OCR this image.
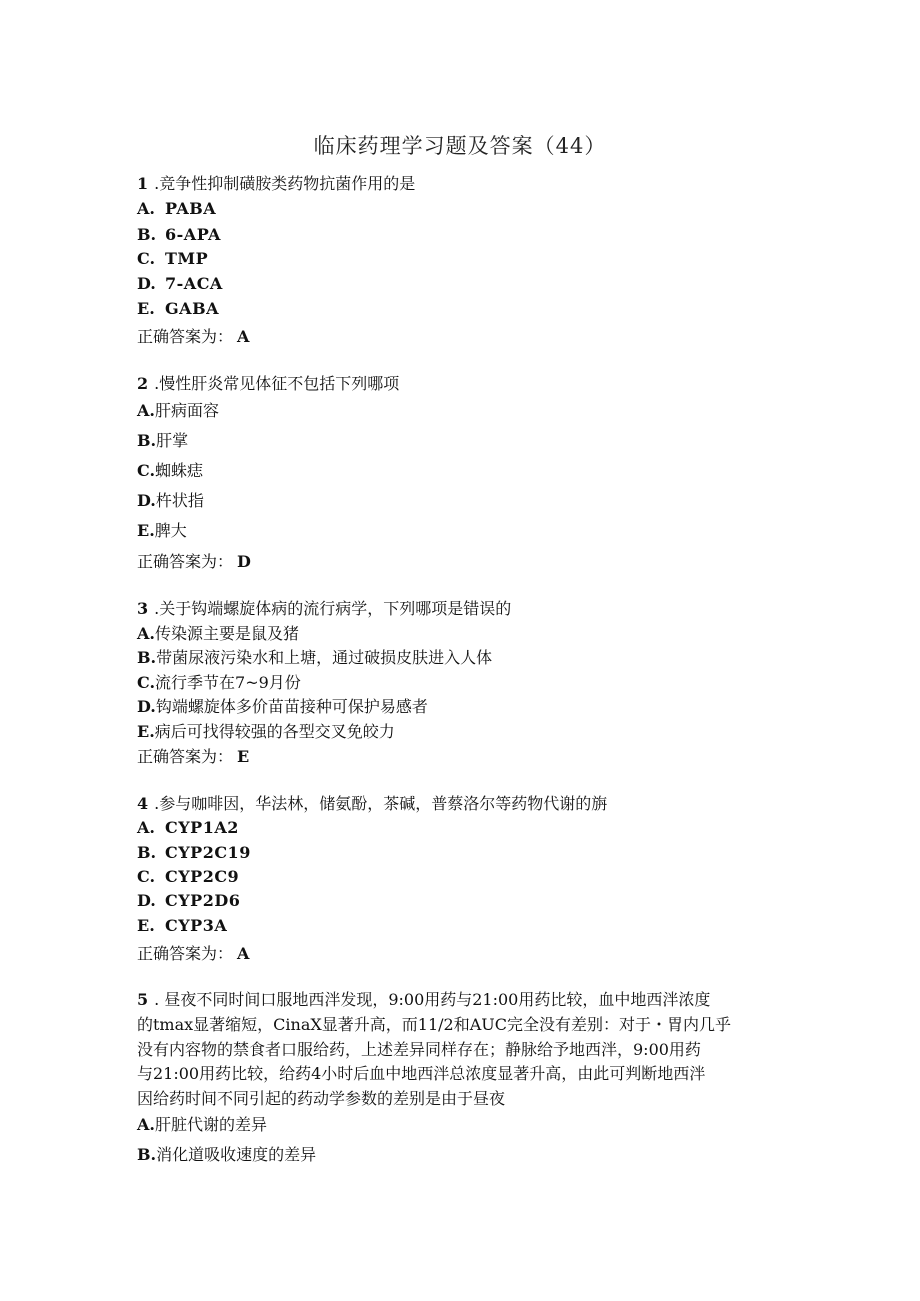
临床药理学习题及答案（44）
1 .竞争性抑制磺胺类药物抗菌作用的是
A. PABA
B. 6-APA
C. TMP
D. 7-ACA
E. GABA
正确答案为： A
2 .慢性肝炎常见体征不包括下列哪项
A.肝病面容
B.肝掌
C.蜘蛛痣
D.杵状指
E.脾大
正确答案为： D
3 .关于钩端螺旋体病的流行病学，下列哪项是错误的
A.传染源主要是鼠及猪
B.带菌尿液污染水和上塘，通过破损皮肤进入人体
C.流行季节在7~9月份
D.钩端螺旋体多价苗苗接种可保护易感者
E.病后可找得较强的各型交叉免皎力
正确答案为： E
4 .参与咖啡因，华法林，储氨酚，茶碱，普蔡洛尔等药物代谢的旃
A. CYP1A2
B. CYP2C19
C. CYP2C9
D. CYP2D6
E. CYP3A
正确答案为： A
5 . 昼夜不同时间口服地西泮发现，9:00用药与21:00用药比较，血中地西泮浓度
的tmax显著缩短，CinaX显著升高，而11/2和AUC完全没有差别：对于・胃内几乎
没有内容物的禁食者口服给药，上述差异同样存在；静脉给予地西泮，9:00用药
与21:00用药比较，给药4小时后血中地西泮总浓度显著升高，由此可判断地西泮
因给药时间不同引起的药动学参数的差别是由于昼夜
A.肝脏代谢的差异
B.消化道吸收速度的差异
